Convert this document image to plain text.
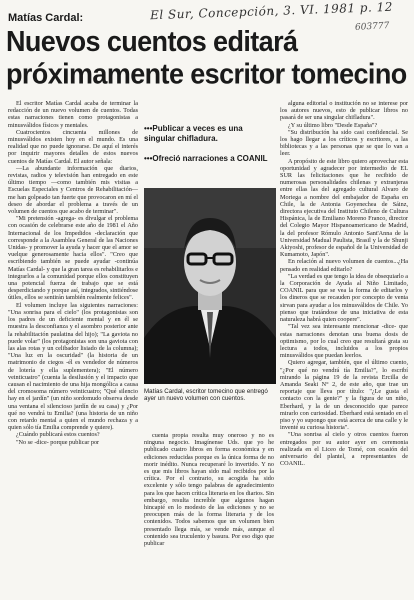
El Sur, Concepción, 3. VI. 1981 p. 12
603777
Matías Cardal:
Nuevos cuentos editará próximamente escritor tomecino

El escritor Matías Cardal acaba de terminar la redacción de un nuevo volumen de cuentos. Todas estas narraciones tienen como protagonistas a minusválidos físicos y mentales.

Cuatrocientos cincuenta millones de minusválidos existen hoy en el mundo. Es una realidad que no puede ignorarse. De aquí el interés por inquirir mayores detalles de estos nuevos cuentos de Matías Cardal. El autor señala:

—La abundante información que diarios, revistas, radios y televisión han entregado en este último tiempo —como también mis visitas a Escuelas Especiales y Centros de Rehabilitación— me han golpeado tan fuerte que provocaron en mí el deseo de abordar el problema a través de un volumen de cuentos que acabo de terminar".

"Mi pretensión -agrega- es divulgar el problema con ocasión de celebrarse este año de 1981 el Año Internacional de los Impedidos -declaración que corresponde a la Asamblea General de las Naciones Unidas- y promover la ayuda y hacer que el amor se vuelque generosamente hacia ellos". "Creo que escribiendo también se puede ayudar -continúa Matías Cardal- y que la gran tarea es rehabilitarlos e integrarlos a la comunidad porque ellos constituyen una potencial fuerza de trabajo que se está desperdiciando y porque así, integrados, sintiéndose útiles, ellos se sentirán también realmente felices".

El volumen incluye las siguientes narraciones: "Una sonrisa para el cielo" (los protagonistas son los padres de un deficiente mental y en él se muestra la desconfianza y el asombro posterior ante la rehabilitación paulatina del hijo); "La gaviota no puede volar" (los protagonistas son una gaviota con las alas rotas y un celibador lisiado de la columna); "Una luz en la oscuridad" (la historia de un matrimonio de ciegos -él es vendedor de números de lotería y ella suplementera); "El número veinticuatro" (cuenta la desilusión y el impacto que causan el nacimiento de una hija mongólica a causa del cromosoma número veinticuatro; "Qué silencio hay en el jardín" (un niño sordomudo observa desde una ventana el silencioso jardín de su casa) y ¿Por qué no vendrá tu Emilia? (una historia de un niño con retardo mental a quien el mundo rechaza y a quien sólo tía Emilia comprende y quiere).

¿Cuándo publicará estos cuentos?

"No se -dice- porque publicar por

•••Publicar a veces es una singular chifladura.
•••Ofreció narraciones a COANIL
Matías Cardal, escritor tomecino que entregó ayer un nuevo volumen con cuentos.

cuenta propia resulta muy oneroso y no es ninguna negocio. Imagínense Uds. que yo he publicado cuatro libros en forma económica y en ediciones reducidas porque es la única forma de no morir inédito. Nunca recuperaré lo invertido. Y no es que mis libros hayan sido mal recibidos por la crítica. Por el contrario, su acogida ha sido excelente y sólo tengo palabras de agradecimiento para los que hacen crítica literaria en los diarios. Sin embargo, resulta increíble que algunos hagan hincapié en lo modesto de las ediciones y no se preocupen más de la forma literaria y de los contenidos. Todos sabemos que un volumen bien presentado llega más, se vende más, aunque el contenido sea truculento y basura. Por eso digo que publicar

alguna editorial o institución no se interese por los autores nuevos, esto de publicar libros no pasará de ser una singular chifladura".

¿Y su último libro "Desde España"?

"Su distribución ha sido casi confidencial. Se los hago llegar a los críticos y escritores, a las bibliotecas y a las personas que se que lo van a leer.

A propósito de este libro quiero aprovechar esta oportunidad y agradecer por intermedio de EL SUR las felicitaciones que he recibido de numerosas personalidades chilenas y extranjeras entre ellas las del agregado cultural Alvaro de Moriega a nombre del embajador de España en Chile, la de Antonia Goyenechea de Sáinz, directora ejecutiva del Instituto Chileno de Cultura Hispánica, la de Emiliano Moreno Franco, director del Colegio Mayor Hispanoamericano de Madrid, la del profesor Rómulo Antonio Sant'Anna de la Universidad Madual Paulista, Brasil y la de Shunji Akiyoshi, profesor de español de la Universidad de Kumamoto, Japón".

En relación al nuevo volumen de cuentos...¿Ha pensado en realidad editarlo?

"La verdad es que tengo la idea de obsequiarlo a la Corporación de Ayuda al Niño Limitado, COANIL para que se vea la forma de editarlos y los dineros que se recauden por concepto de venta sirvan para ayudar a los minusválidos de Chile. Yo pienso que tratándose de una iniciativa de esta naturaleza habrá quien coopere".

"Tal vez sea interesante mencionar -dice- que estas narraciones denotan una buena dosis de optimismo, por lo cual creo que resultará grata su lectura a todos, incluidos a los propios minusválidos que puedan leerlos.

Quiero agregar, también, que el último cuento, "¿Por qué no vendrá tía Emilia?", lo escribí mirando la página 19 de la revista Ercilla de Amanda Seaki N° 2, de este año, que trae un reportaje que lleva por título: "¿Le gusta el contacto con la gente?" y la figura de un niño, Eberhard, y la de un desconocido que parece mirarlo con curiosidad. Eberhard está sentado en el piso y yo supongo que está acerca de una calle y le inventé su curiosa historia".

"Una sonrisa al cielo y otros cuentos fueron entregados por su autor ayer en ceremonia realizada en el Liceo de Tomé, con ocasión del aniversario del plantel, a representantes de COANIL.
